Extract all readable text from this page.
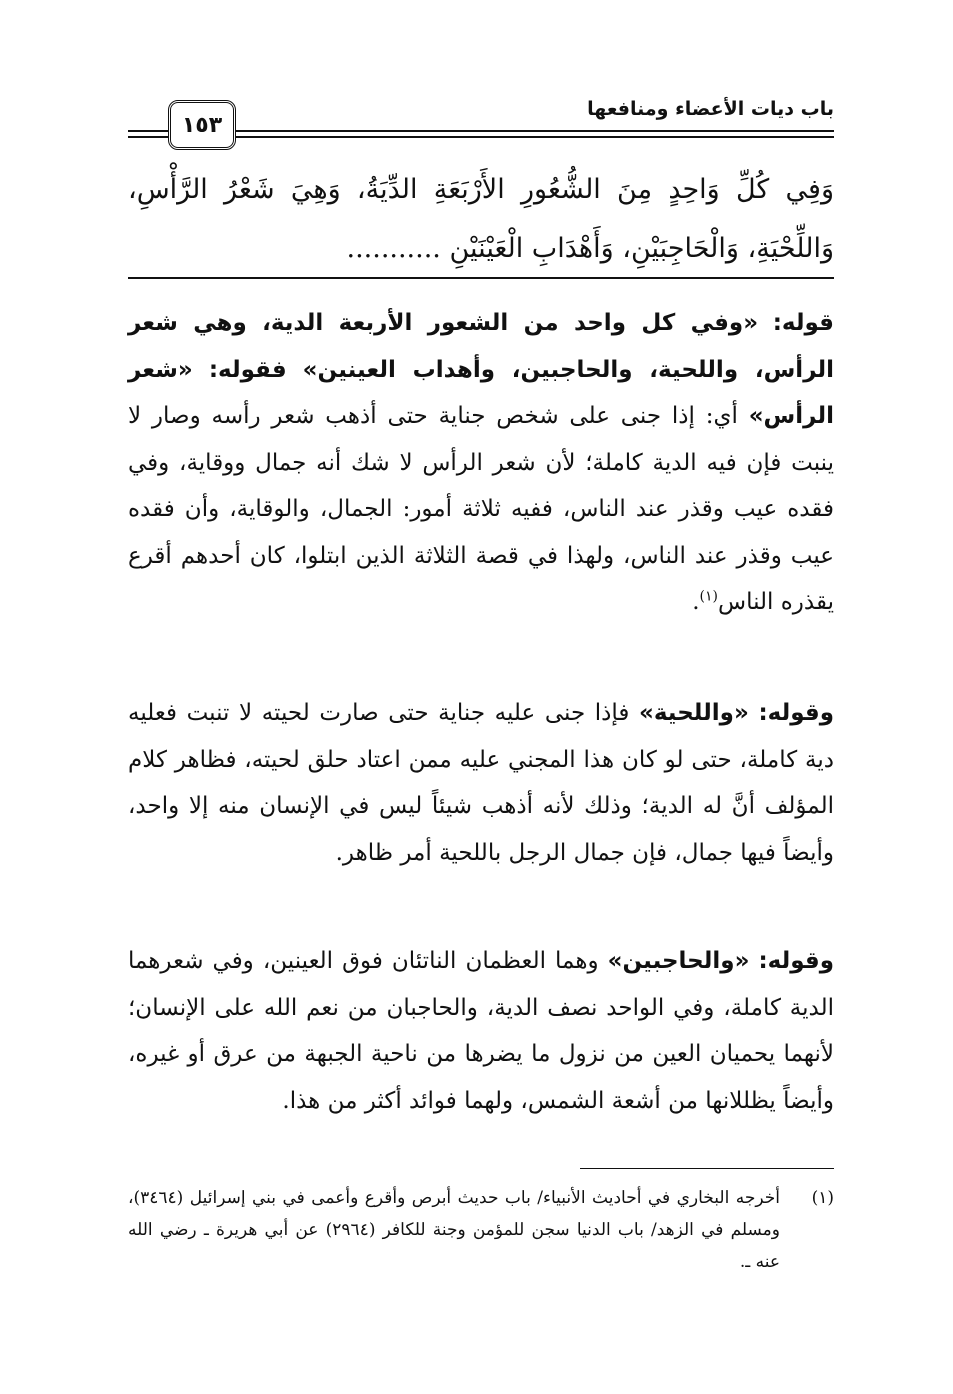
باب ديات الأعضاء ومنافعها
١٥٣
وَفِي كُلِّ وَاحِدٍ مِنَ الشُّعُورِ الأَرْبَعَةِ الدِّيَةُ، وَهِيَ شَعْرُ الرَّأْسِ، وَاللِّحْيَةِ، وَالْحَاجِبَيْنِ، وَأَهْدَابِ الْعَيْنَيْنِ ...........

قوله: «وفي كل واحد من الشعور الأربعة الدية، وهي شعر الرأس، واللحية، والحاجبين، وأهداب العينين» فقوله: «شعر الرأس» أي: إذا جنى على شخص جناية حتى أذهب شعر رأسه وصار لا ينبت فإن فيه الدية كاملة؛ لأن شعر الرأس لا شك أنه جمال ووقاية، وفي فقده عيب وقذر عند الناس، ففيه ثلاثة أمور: الجمال، والوقاية، وأن فقده عيب وقذر عند الناس، ولهذا في قصة الثلاثة الذين ابتلوا، كان أحدهم أقرع يقذره الناس$^{(١)}$.

وقوله: «واللحية» فإذا جنى عليه جناية حتى صارت لحيته لا تنبت فعليه دية كاملة، حتى لو كان هذا المجني عليه ممن اعتاد حلق لحيته، فظاهر كلام المؤلف أنَّ له الدية؛ وذلك لأنه أذهب شيئاً ليس في الإنسان منه إلا واحد، وأيضاً فيها جمال، فإن جمال الرجل باللحية أمر ظاهر.

وقوله: «والحاجبين» وهما العظمان الناتئان فوق العينين، وفي شعرهما الدية كاملة، وفي الواحد نصف الدية، والحاجبان من نعم الله على الإنسان؛ لأنهما يحميان العين من نزول ما يضرها من ناحية الجبهة من عرق أو غيره، وأيضاً يظللانها من أشعة الشمس، ولهما فوائد أكثر من هذا.

(١)
أخرجه البخاري في أحاديث الأنبياء/ باب حديث أبرص وأقرع وأعمى في بني إسرائيل (٣٤٦٤)، ومسلم في الزهد/ باب الدنيا سجن للمؤمن وجنة للكافر (٢٩٦٤) عن أبي هريرة ـ رضي الله عنه ـ.
